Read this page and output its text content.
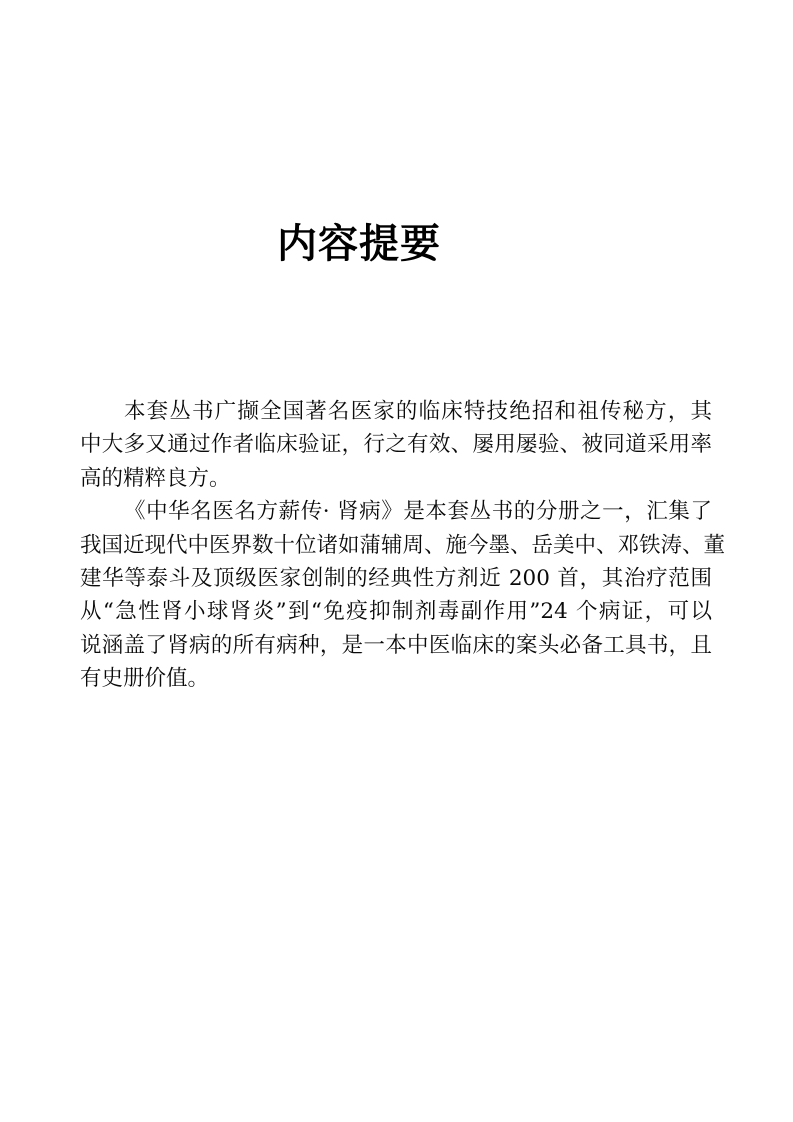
内容提要
本套丛书广撷全国著名医家的临床特技绝招和祖传秘方，其
中大多又通过作者临床验证，行之有效、屡用屡验、被同道采用率
高的精粹良方。
《中华名医名方薪传· 肾病》是本套丛书的分册之一，汇集了
我国近现代中医界数十位诸如蒲辅周、施今墨、岳美中、邓铁涛、董
建华等泰斗及顶级医家创制的经典性方剂近 200 首，其治疗范围
从“急性肾小球肾炎”到“免疫抑制剂毒副作用”24 个病证，可以
说涵盖了肾病的所有病种，是一本中医临床的案头必备工具书，且
有史册价值。
